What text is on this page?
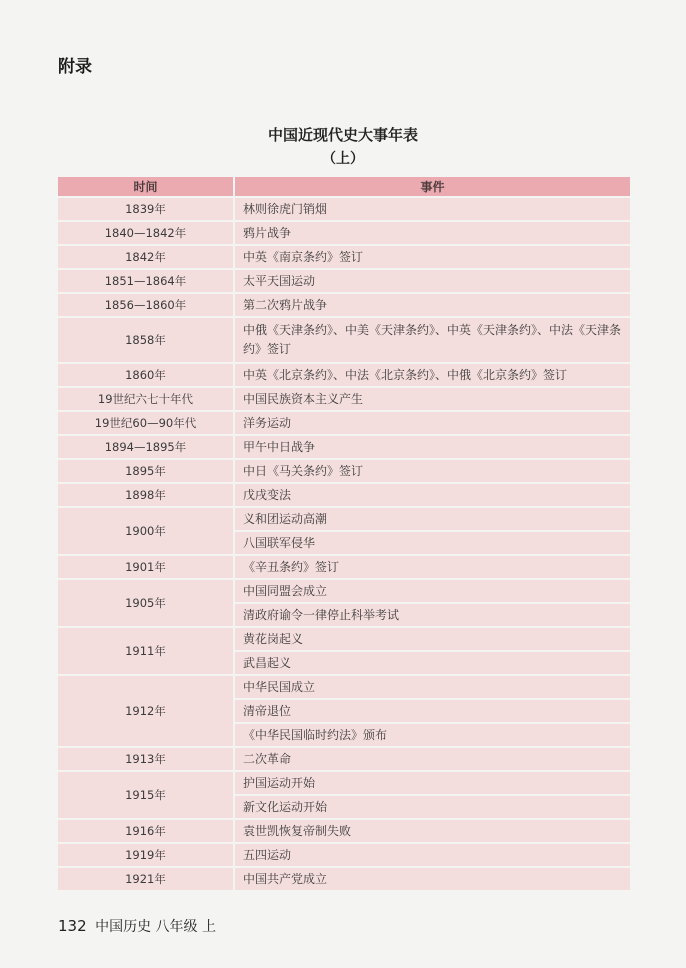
附录
中国近现代史大事年表
（上）
时间	事件
1839年	林则徐虎门销烟
1840—1842年	鸦片战争
1842年	中英《南京条约》签订
1851—1864年	太平天国运动
1856—1860年	第二次鸦片战争
1858年	中俄《天津条约》、中美《天津条约》、中英《天津条约》、中法《天津条约》签订
1860年	中英《北京条约》、中法《北京条约》、中俄《北京条约》签订
19世纪六七十年代	中国民族资本主义产生
19世纪60—90年代	洋务运动
1894—1895年	甲午中日战争
1895年	中日《马关条约》签订
1898年	戊戌变法
1900年	义和团运动高潮
	八国联军侵华
1901年	《辛丑条约》签订
1905年	中国同盟会成立
	清政府谕令一律停止科举考试
1911年	黄花岗起义
	武昌起义
1912年	中华民国成立
	清帝退位
	《中华民国临时约法》颁布
1913年	二次革命
1915年	护国运动开始
	新文化运动开始
1916年	袁世凯恢复帝制失败
1919年	五四运动
1921年	中国共产党成立
132 中国历史 八年级 上
